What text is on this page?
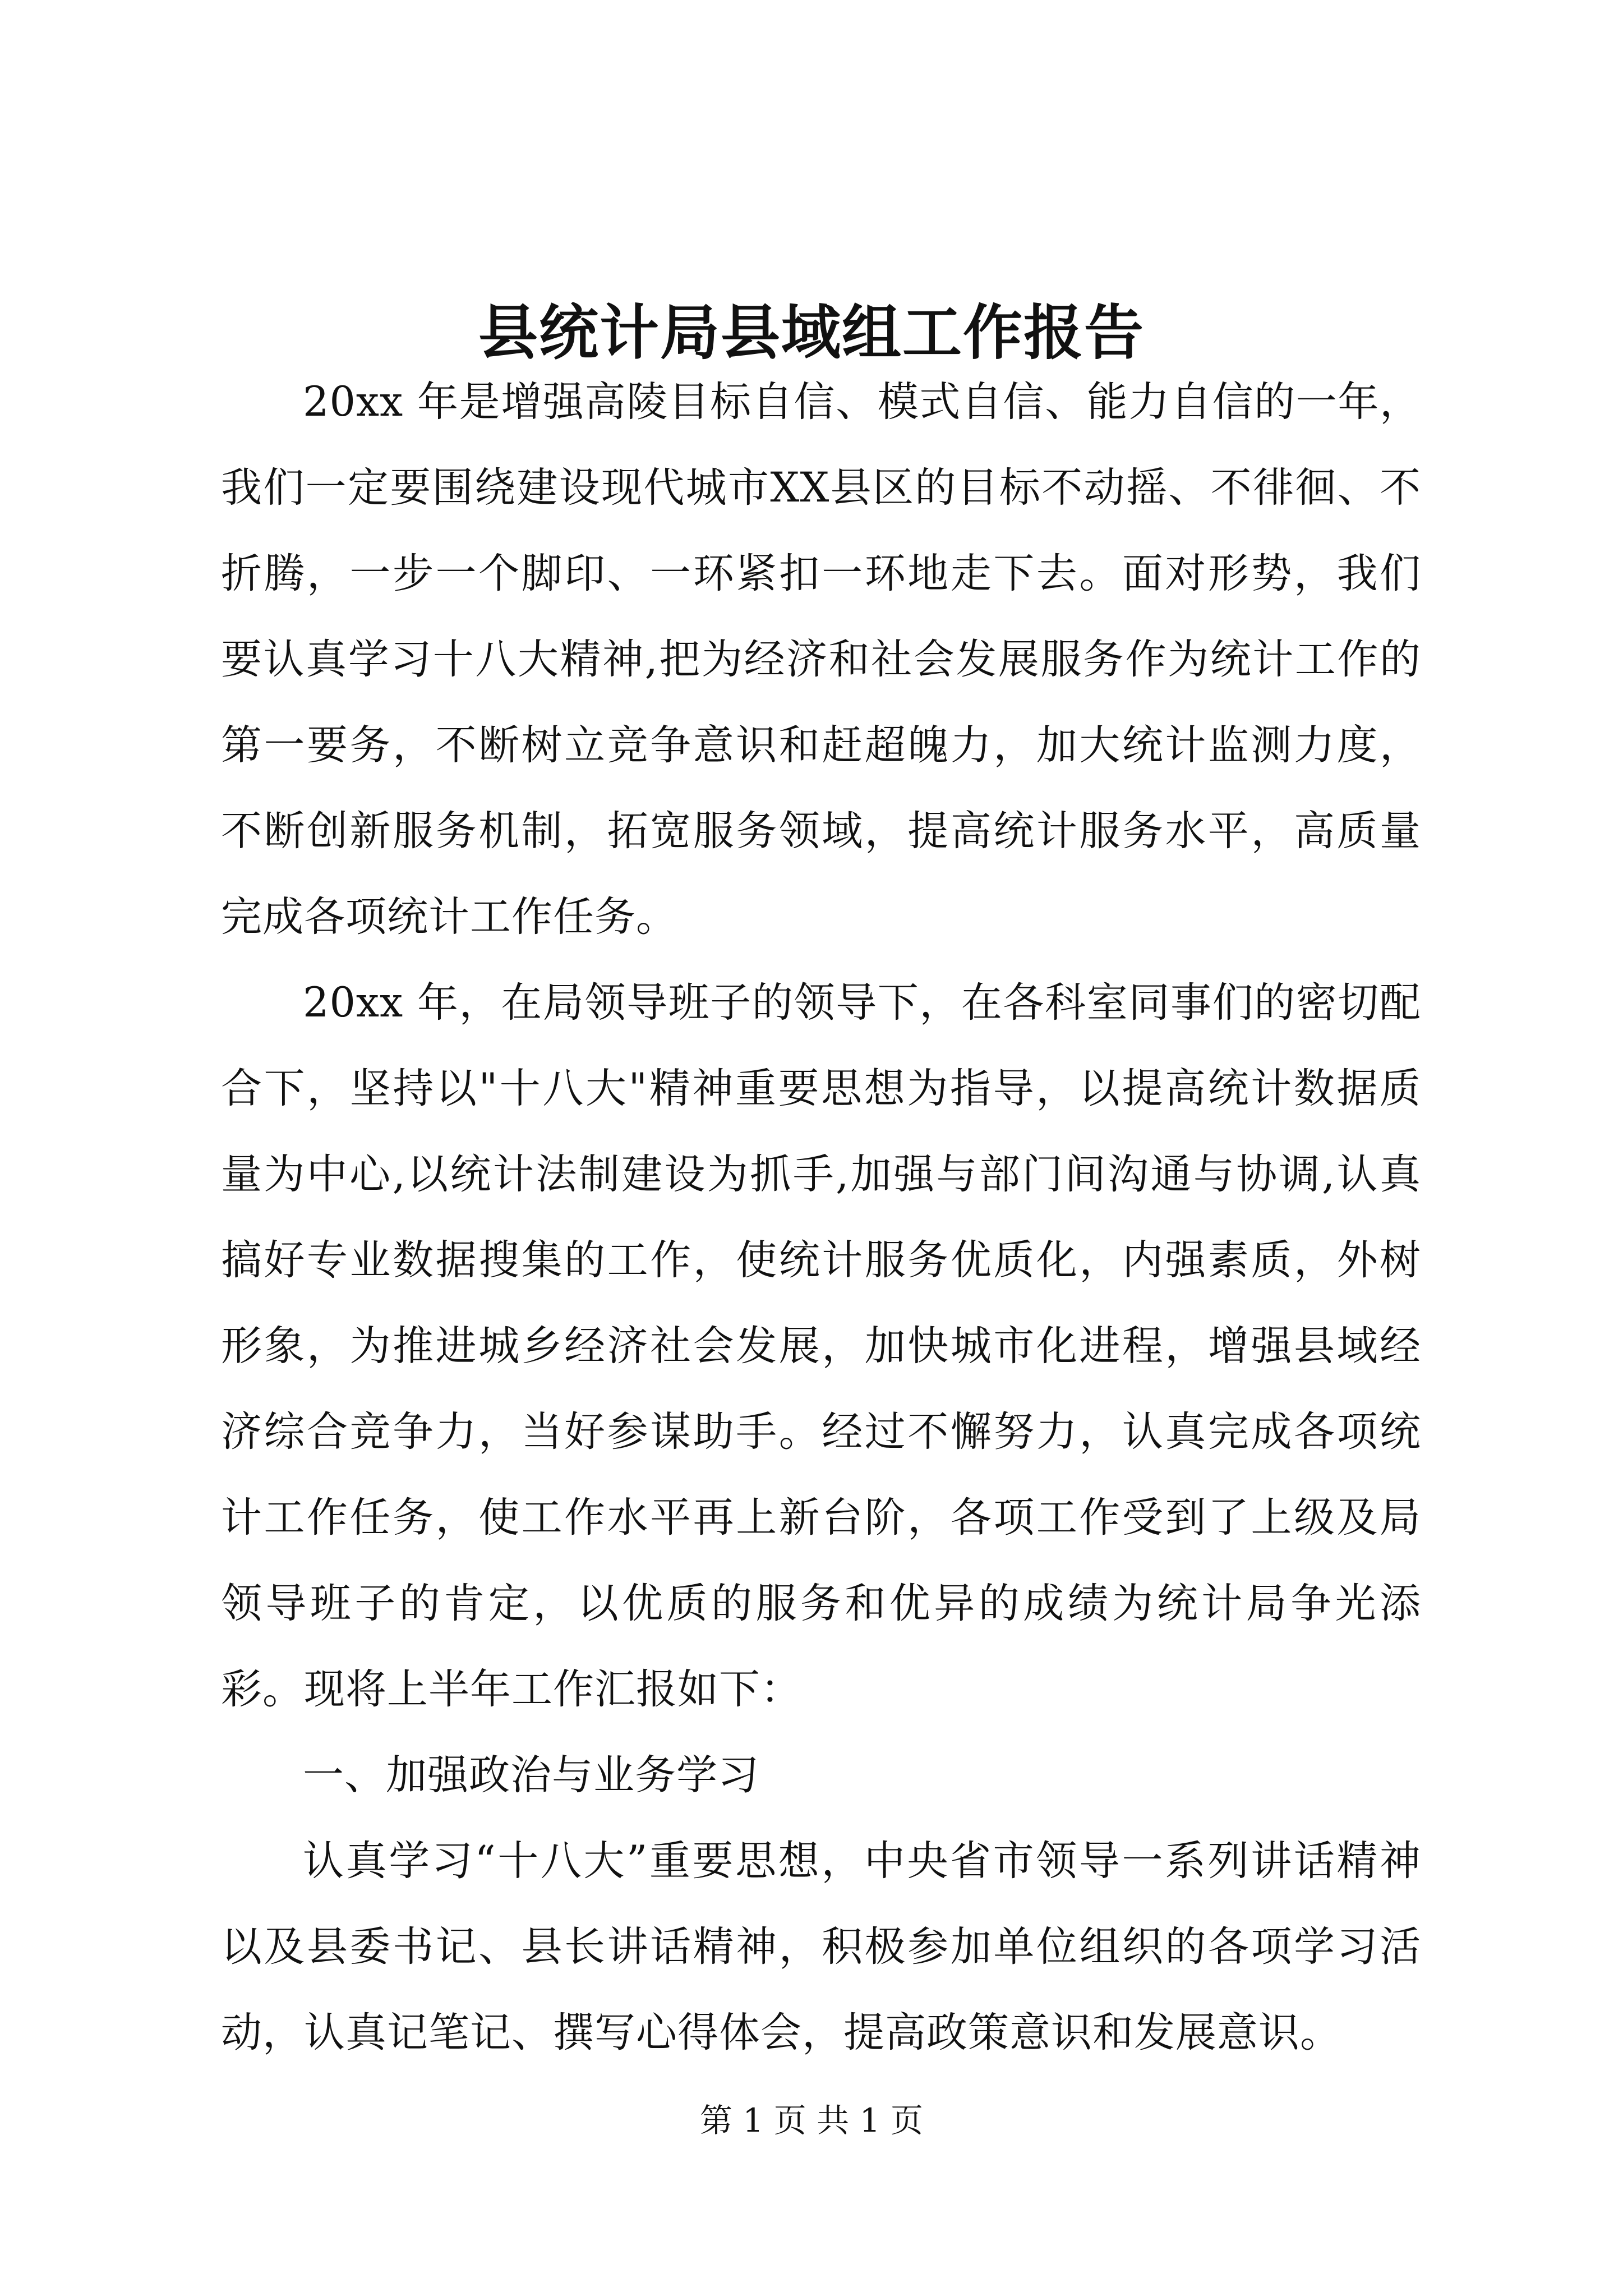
县统计局县域组工作报告

20xx 年是增强高陵目标自信、模式自信、能力自信的一年，我们一定要围绕建设现代城市XX县区的目标不动摇、不徘徊、不折腾，一步一个脚印、一环紧扣一环地走下去。面对形势，我们要认真学习十八大精神,把为经济和社会发展服务作为统计工作的第一要务，不断树立竞争意识和赶超魄力，加大统计监测力度，不断创新服务机制，拓宽服务领域，提高统计服务水平，高质量完成各项统计工作任务。

20xx 年，在局领导班子的领导下，在各科室同事们的密切配合下，坚持以"十八大"精神重要思想为指导，以提高统计数据质量为中心,以统计法制建设为抓手,加强与部门间沟通与协调,认真搞好专业数据搜集的工作，使统计服务优质化，内强素质，外树形象，为推进城乡经济社会发展，加快城市化进程，增强县域经济综合竞争力，当好参谋助手。经过不懈努力，认真完成各项统计工作任务，使工作水平再上新台阶，各项工作受到了上级及局领导班子的肯定，以优质的服务和优异的成绩为统计局争光添彩。现将上半年工作汇报如下：

一、加强政治与业务学习

认真学习“十八大”重要思想，中央省市领导一系列讲话精神以及县委书记、县长讲话精神，积极参加单位组织的各项学习活动，认真记笔记、撰写心得体会，提高政策意识和发展意识。

第 1 页 共 1 页
